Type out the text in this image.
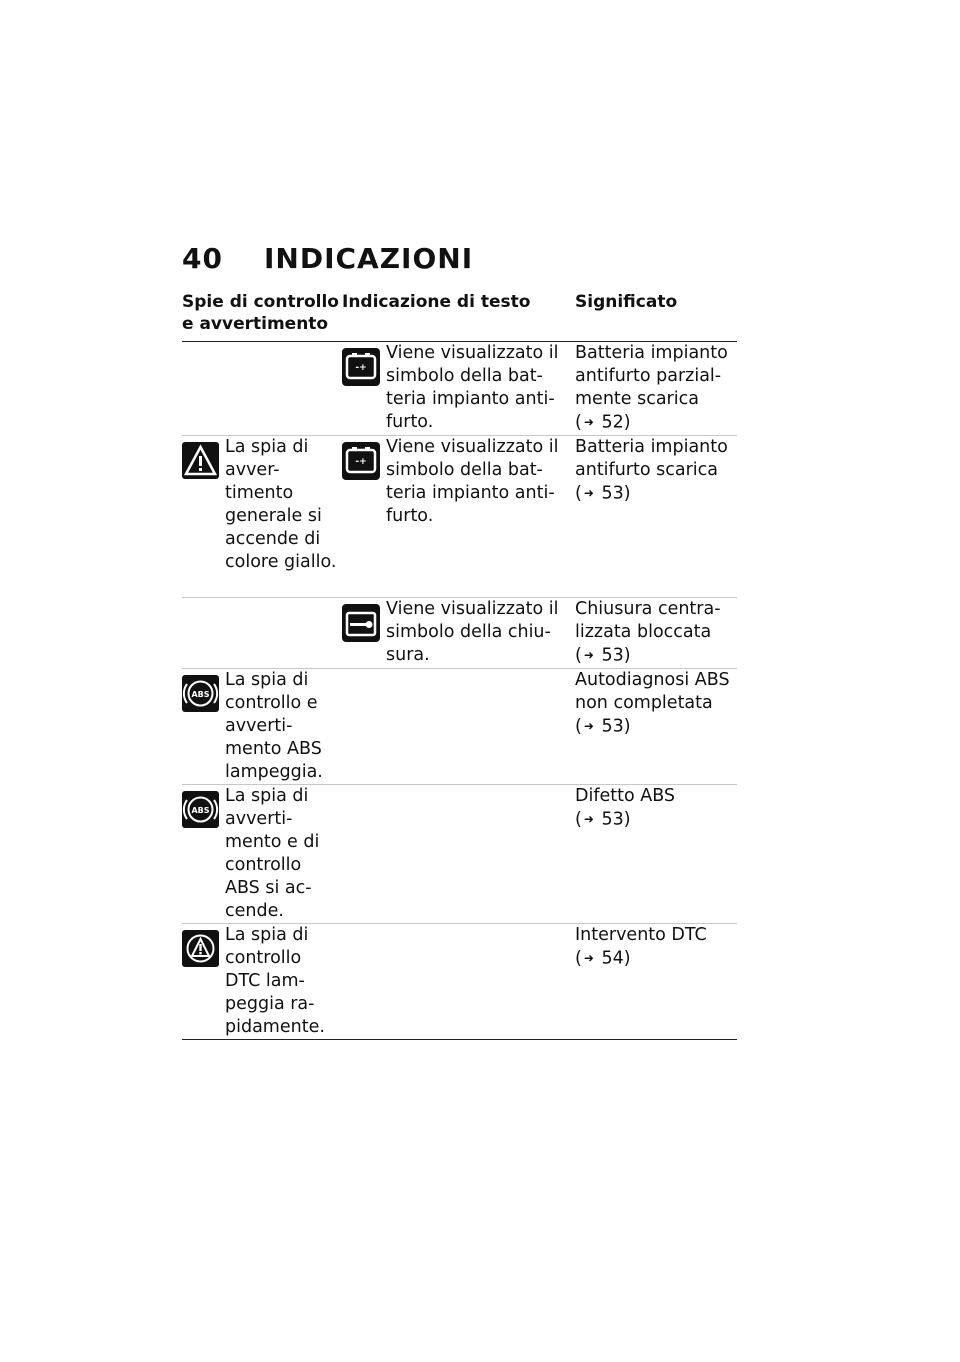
40 INDICAZIONI
Spie di controllo
e avvertimento
Indicazione di testo	Significato
-+
Viene visualizzato il simbolo della bat-teria impianto anti-furto.
Batteria impianto antifurto parzial-mente scarica
( ➜ 52)
La spia di avver-timento generale si accende di colore giallo.
-+
Viene visualizzato il simbolo della bat-teria impianto anti-furto.
Batteria impianto antifurto scarica
( ➜ 53)
Viene visualizzato il simbolo della chiu-sura.
Chiusura centra-lizzata bloccata
( ➜ 53)
ABS
La spia di controllo e avverti-mento ABS lampeggia.
Autodiagnosi ABS non completata
( ➜ 53)
ABS
La spia di avverti-mento e di controllo ABS si ac-cende.
Difetto ABS
( ➜ 53)
La spia di controllo DTC lam-peggia ra-pidamente.
Intervento DTC
( ➜ 54)
